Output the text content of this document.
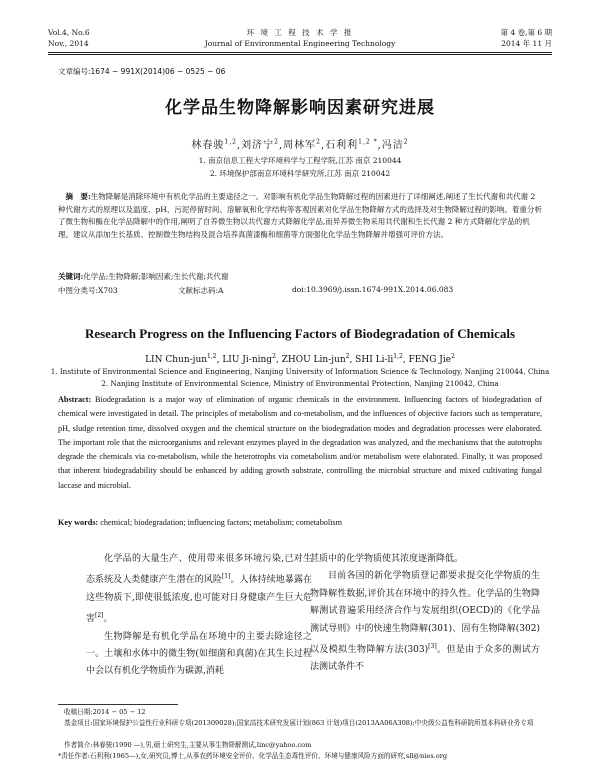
Vol.4, No.6
Nov., 2014
环 境 工 程 技 术 学 报
Journal of Environmental Engineering Technology
第 4 卷,第 6 期
2014 年 11 月
文章编号:1674 − 991X(2014)06 − 0525 − 06
化学品生物降解影响因素研究进展
林春骏$^{1,2}$,刘济宁$^2$,周林军$^2$,石利利$^{1,2 *}$,冯洁$^2$
1. 南京信息工程大学环境科学与工程学院,江苏 南京 210044
2. 环境保护部南京环境科学研究所,江苏 南京 210042
摘　要:生物降解是消除环境中有机化学品的主要途径之一。对影响有机化学品生物降解过程的因素进行了详细阐述,阐述了生长代谢和共代谢 2 种代谢方式的原理以及温度、pH、污泥停留时间、溶解氧和化学结构等客观因素对化学品生物降解方式的选择及对生物降解过程的影响。着重分析了微生物和酶在化学品降解中的作用,阐明了自养微生物以共代谢方式降解化学品,而异养微生物采用共代谢和生长代谢 2 种方式降解化学品的机理。建议从添加生长基质、控制微生物结构及混合培养真菌漆酶和细菌等方面强化化学品生物降解并增强可评价方法。
关键词:化学品;生物降解;影响因素;生长代谢;共代谢
中图分类号:X703	文献标志码:A	doi:10.3969/j.issn.1674-991X.2014.06.083
Research Progress on the Influencing Factors of Biodegradation of Chemicals
LIN Chun-jun$^{1,2}$, LIU Ji-ning$^2$, ZHOU Lin-jun$^2$, SHI Li-li$^{1,2}$, FENG Jie$^2$
1. Institute of Environmental Science and Engineering, Nanjing University of Information Science & Technology, Nanjing 210044, China
2. Nanjing Institute of Environmental Science, Ministry of Environmental Protection, Nanjing 210042, China
Abstract: Biodegradation is a major way of elimination of organic chemicals in the environment. Influencing factors of biodegradation of chemical were investigated in detail. The principles of metabolism and co-metabolism, and the influences of objective factors such as temperature, pH, sludge retention time, dissolved oxygen and the chemical structure on the biodegradation modes and degradation processes were elaborated. The important role that the microorganisms and relevant enzymes played in the degradation was analyzed, and the mechanisms that the autotrophs degrade the chemicals via co-metabolism, while the heterotrophs via cometabolism and/or metabolism were elaborated. Finally, it was proposed that inherent biodegradability should be enhanced by adding growth substrate, controlling the microbial structure and mixed cultivating fungal laccase and microbial.
Key words: chemical; biodegradation; influencing factors; metabolism; cometabolism

化学品的大量生产、使用带来很多环境污染,已对生态系统及人类健康产生潜在的风险[1]。人体持续地暴露在这些物质下,即使很低浓度,也可能对日身健康产生巨大危害[2]。

生物降解是有机化学品在环境中的主要去除途径之一。土壤和水体中的微生物(如细菌和真菌)在其生长过程中会以有机化学物质作为碳源,消耗

甚质中的化学物质使其浓度逐渐降低。

目前各国的新化学物质登记都要求提交化学物质的生物降解性数据,评价其在环境中的持久性。化学品的生物降解测试普遍采用经济合作与发展组织(OECD)的《化学品测试导则》中的快速生物降解(301)、固有生物降解(302)以及模拟生物降解方法(303)[3]。但是由于众多的测试方法测试条件不

收稿日期:2014 − 05 − 12
基金项目:国家环境保护公益性行业科研专项(201309028);国家高技术研究发展计划(863 计划)项目(2013AA06A308);中央级公益性科研院所基本科研业务专项
作者简介:林春骏(1990 —),男,硕士研究生,主要从事生物降解测试,linc@yahoo.com
*责任作者:石利利(1965—),女,研究员,博士,从事农药环境安全评价、化学品生态毒性评价、环境与健康风险方面的研究,sll@nies.org
